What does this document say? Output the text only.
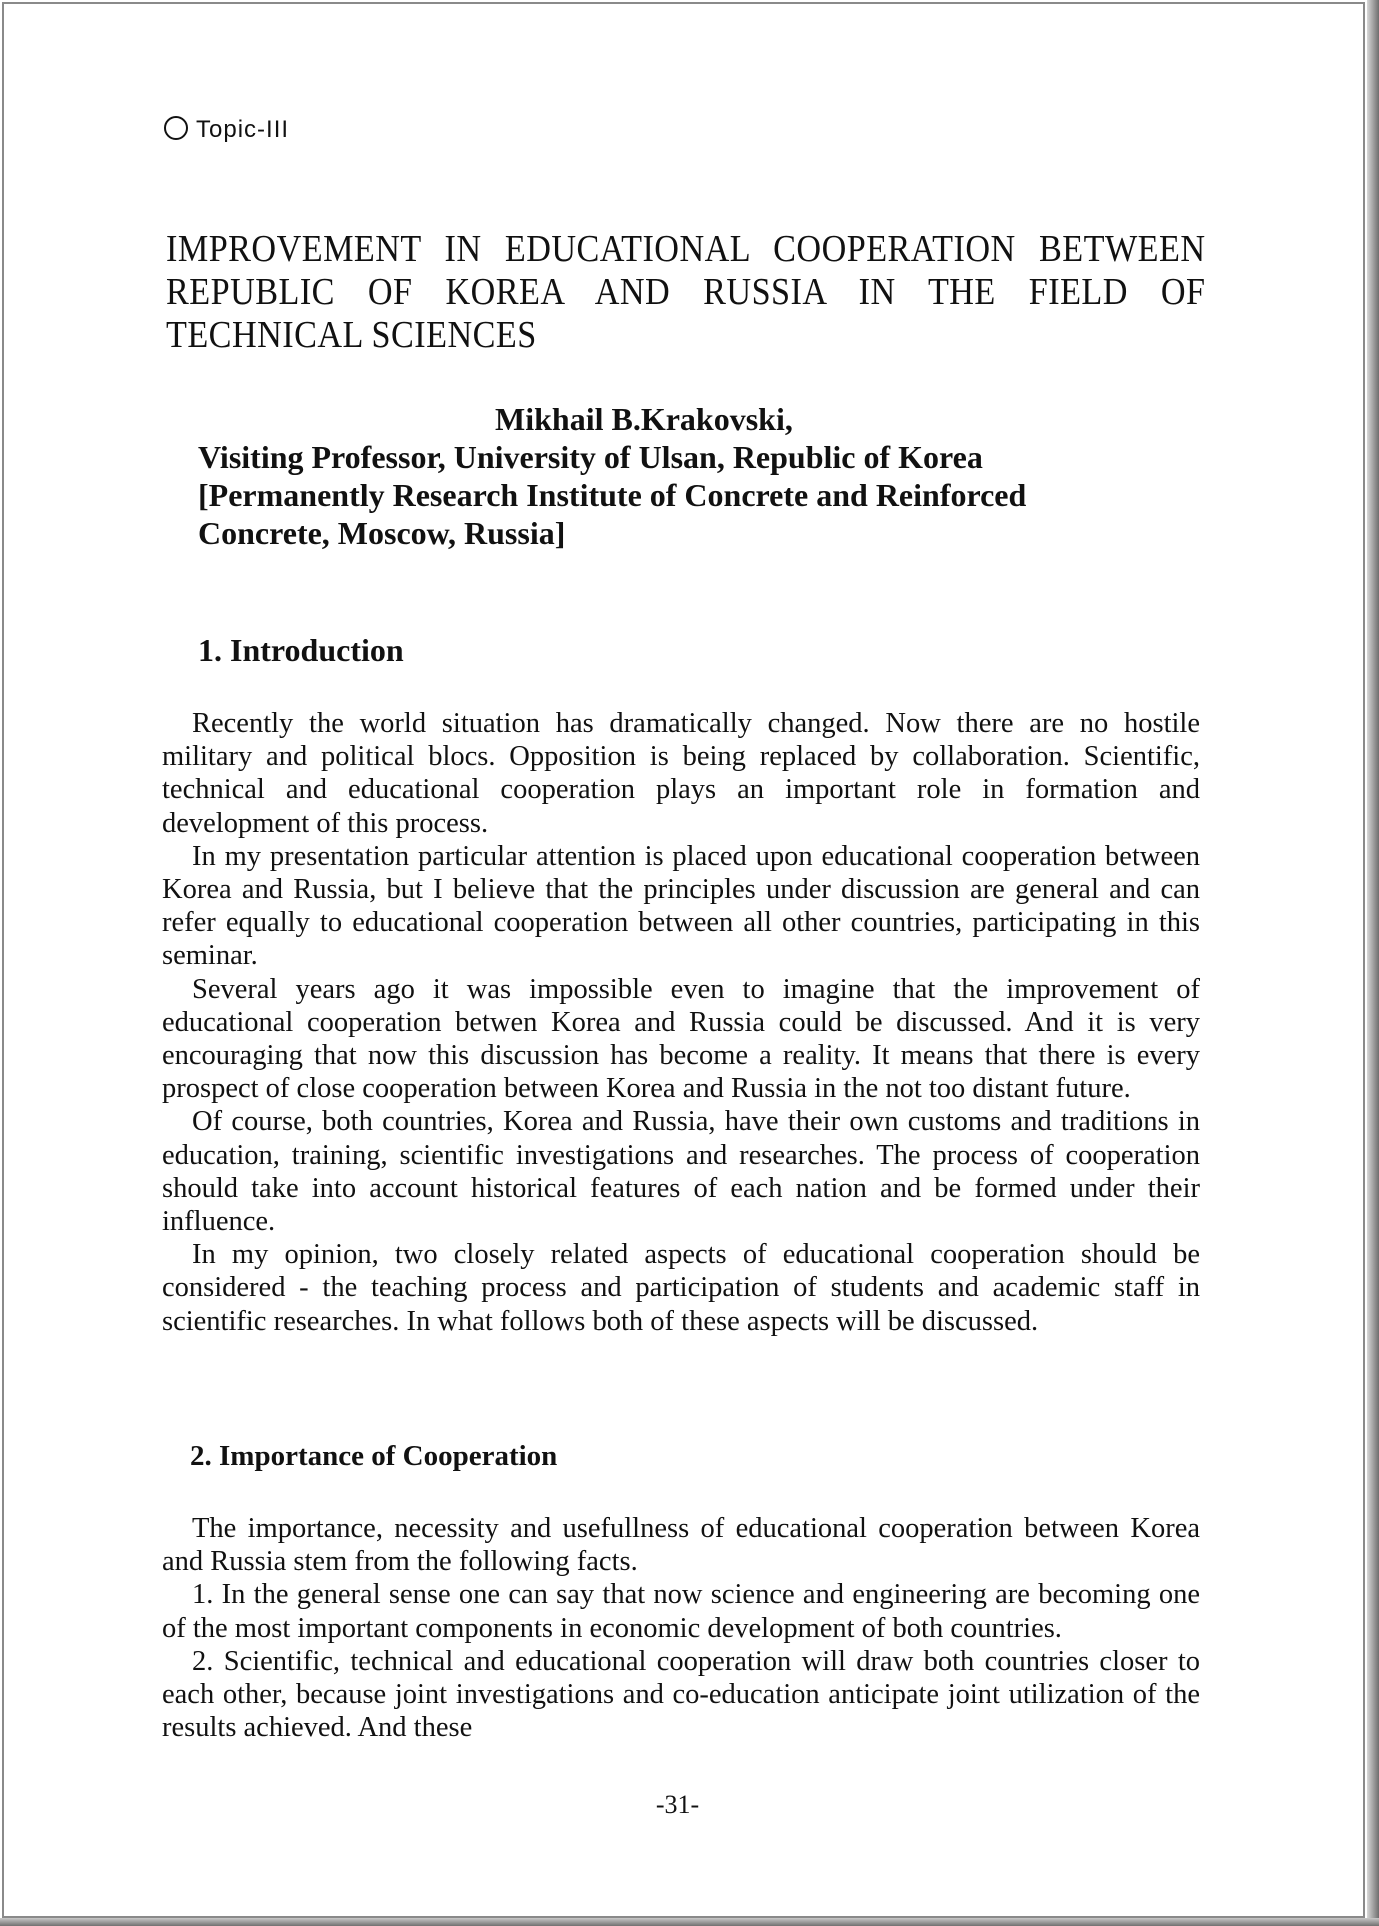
Topic-III
IMPROVEMENT IN EDUCATIONAL COOPERATION BETWEEN REPUBLIC OF KOREA AND RUSSIA IN THE FIELD OF TECHNICAL SCIENCES
Mikhail B.Krakovski,
Visiting Professor, University of Ulsan, Republic of Korea
[Permanently Research Institute of Concrete and Reinforced
Concrete, Moscow, Russia]
1. Introduction

Recently the world situation has dramatically changed. Now there are no hostile military and political blocs. Opposition is being replaced by collaboration. Scientific, technical and educational cooperation plays an important role in formation and development of this process.

In my presentation particular attention is placed upon educational cooperation between Korea and Russia, but I believe that the principles under discussion are general and can refer equally to educational cooperation between all other countries, participating in this seminar.

Several years ago it was impossible even to imagine that the improvement of educational cooperation betwen Korea and Russia could be discussed. And it is very encouraging that now this discussion has become a reality. It means that there is every prospect of close cooperation between Korea and Russia in the not too distant future.

Of course, both countries, Korea and Russia, have their own customs and traditions in education, training, scientific investigations and researches. The process of cooperation should take into account historical features of each nation and be formed under their influence.

In my opinion, two closely related aspects of educational cooperation should be considered - the teaching process and participation of students and academic staff in scientific researches. In what follows both of these aspects will be discussed.

2. Importance of Cooperation

The importance, necessity and usefullness of educational cooperation between Korea and Russia stem from the following facts.

1. In the general sense one can say that now science and engineering are becoming one of the most important components in economic development of both countries.

2. Scientific, technical and educational cooperation will draw both countries closer to each other, because joint investigations and co-education anticipate joint utilization of the results achieved. And these

-31-
